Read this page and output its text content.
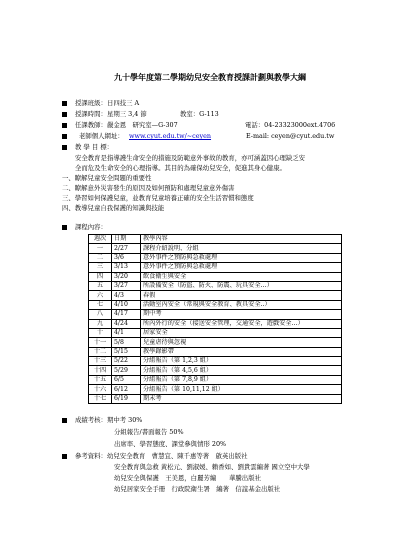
九十學年度第二學期幼兒安全教育授課計劃與教學大綱
授課班級：日四技三 A
授課時間：星期三 3,4 節	教室：G-113
任課教師：嚴金恩　研究室—G-307	電話：04-23323000ext.4706
老師個人網址： www.cyut.edu.tw/~ceyen	E-mail: ceyen@cyut.edu.tw
教 學 目 標：
安全教育是指導護生命安全的措施及防範意外事故的教育，亦可涵蓋因心理缺乏安
全而危及生命安全的心理指導。其目的為確保幼兒安全，促進其身心健康。
一、瞭解兒童安全問題的重要性
二、瞭解意外災害發生的原因及如何預防和處理兒童意外傷害
三、學習如何保護兒童，並教育兒童培養正確的安全生活習慣和態度
四、教導兒童自我保護的知識與技能
課程內容：
週次	日期	教學內容
一	2/27	課程介紹說明、分組
二	3/6	意外事件之預防與急救處理
三	3/13	意外事件之預防與急救處理
四	3/20	飲食衛生與安全
五	3/27	所設備安全（防盜、防火、防震、玩具安全…）
六	4/3	春假
七	4/10	活動室內安全（常規與安全教育、教具安全..）
八	4/17	期中考
九	4/24	所內外行的安全（接送安全管理，交通安全，遊戲安全…）
十	4/1	居家安全
十一	5/8	兒童虐待與忽視
十二	5/15	教學錄影帶
十三	5/22	分組報告（第 1,2,3 組）
十四	5/29	分組報告（第 4,5,6 組）
十五	6/5	分組報告（第 7,8,9 組）
十六	6/12	分組報告（第 10,11,12 組）
十七	6/19	期末考
成績考核：期中考 30%
分組報告/書面報告 50%
出席率、學習態度、課堂參與情形 20%
參考資料：幼兒安全教育　曹慧宜、陳千惠等著　啟英出版社
安全教育與急救 黃松元、劉淑媛、賴香如、劉貴雲編著 國立空中大學
幼兒安全與保護　王美恩，白麗芳編　　華騰出版社
幼兒居家安全手冊　行政院衛生署　編著　信誼基金出版社
